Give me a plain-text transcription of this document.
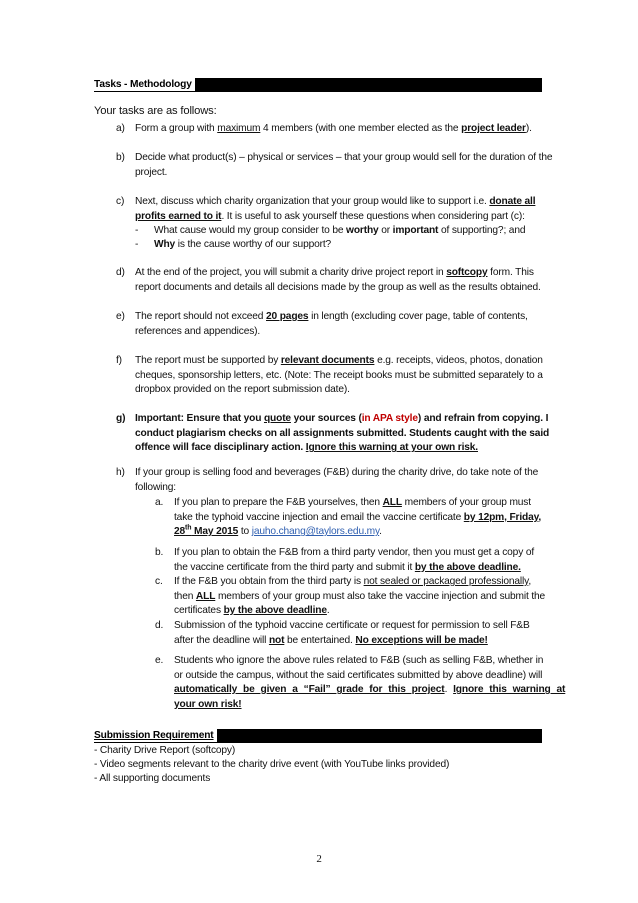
Tasks - Methodology
Your tasks are as follows:
a) Form a group with maximum 4 members (with one member elected as the project leader).
b) Decide what product(s) – physical or services – that your group would sell for the duration of the
project.
c) Next, discuss which charity organization that your group would like to support i.e. donate all
profits earned to it. It is useful to ask yourself these questions when considering part (c):
- What cause would my group consider to be worthy or important of supporting?; and
- Why is the cause worthy of our support?
d) At the end of the project, you will submit a charity drive project report in softcopy form. This
report documents and details all decisions made by the group as well as the results obtained.
e) The report should not exceed 20 pages in length (excluding cover page, table of contents,
references and appendices).
f) The report must be supported by relevant documents e.g. receipts, videos, photos, donation
cheques, sponsorship letters, etc. (Note: The receipt books must be submitted separately to a
dropbox provided on the report submission date).
g) Important: Ensure that you quote your sources (in APA style) and refrain from copying. I
conduct plagiarism checks on all assignments submitted. Students caught with the said
offence will face disciplinary action. Ignore this warning at your own risk.
h) If your group is selling food and beverages (F&B) during the charity drive, do take note of the
following:
a. If you plan to prepare the F&B yourselves, then ALL members of your group must
take the typhoid vaccine injection and email the vaccine certificate by 12pm, Friday,
28th May 2015 to jauho.chang@taylors.edu.my.
b. If you plan to obtain the F&B from a third party vendor, then you must get a copy of
the vaccine certificate from the third party and submit it by the above deadline.
c. If the F&B you obtain from the third party is not sealed or packaged professionally,
then ALL members of your group must also take the vaccine injection and submit the
certificates by the above deadline.
d. Submission of the typhoid vaccine certificate or request for permission to sell F&B
after the deadline will not be entertained. No exceptions will be made!
e. Students who ignore the above rules related to F&B (such as selling F&B, whether in
or outside the campus, without the said certificates submitted by above deadline) will
automatically be given a “Fail” grade for this project. Ignore this warning at
your own risk!
Submission Requirement
- Charity Drive Report (softcopy)
- Video segments relevant to the charity drive event (with YouTube links provided)
- All supporting documents
2
